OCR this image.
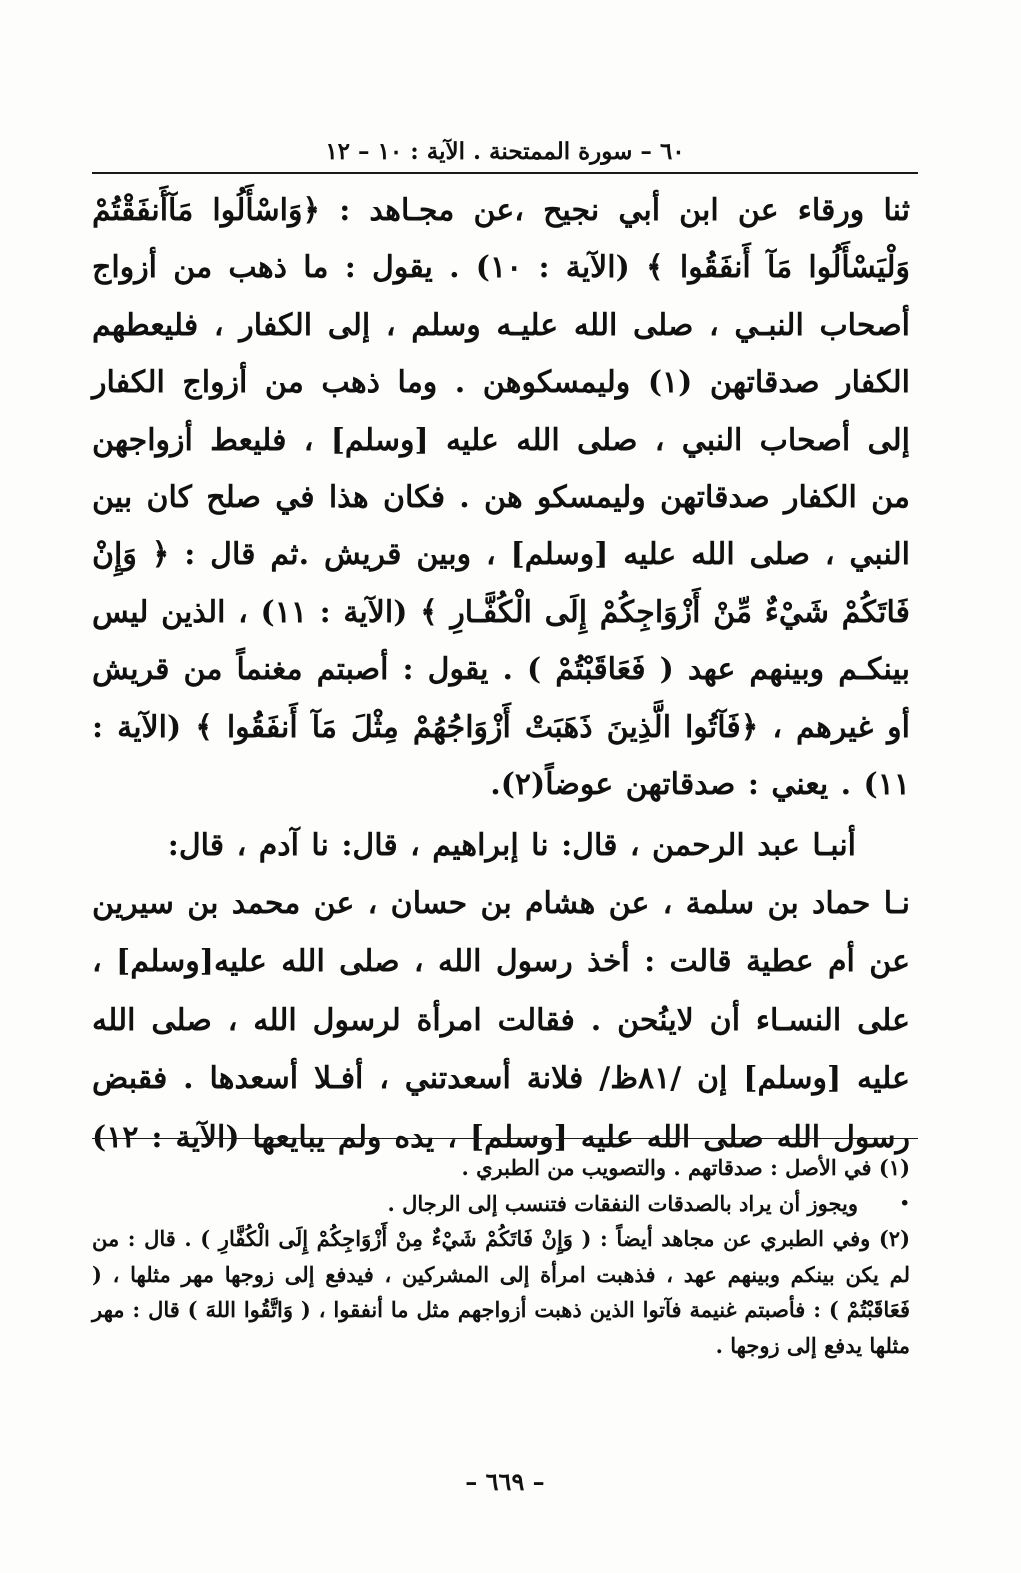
٦٠ – سورة الممتحنة . الآية : ١٠ – ١٢

ثنا ورقاء عن ابن أبي نجيح ،عن مجـاهد : ﴿وَاسْأَلُوا مَآأَنفَقْتُمْ وَلْيَسْأَلُوا مَآ أَنفَقُوا ﴾ (الآية : ١٠) . يقول : ما ذهب من أزواج أصحاب النبـي ، صلى الله عليـه وسلم ، إلى الكفار ، فليعطهم الكفار صدقاتهن (١) وليمسكوهن . وما ذهب من أزواج الكفار إلى أصحاب النبي ، صلى الله عليه [وسلم] ، فليعط أزواجهن من الكفار صدقاتهن وليمسكو هن . فكان هذا في صلح كان بين النبي ، صلى الله عليه [وسلم] ، وبين قريش .ثم قال : ﴿ وَإِنْ فَاتَكُمْ شَيْءٌ مِّنْ أَزْوَاجِكُمْ إِلَى الْكُفَّـارِ ﴾ (الآية : ١١) ، الذين ليس بينكـم وبينهم عهد ( فَعَاقَبْتُمْ ) . يقول : أصبتم مغنماً من قريش أو غيرهم ، ﴿فَآتُوا الَّذِينَ ذَهَبَتْ أَزْوَاجُهُمْ مِثْلَ مَآ أَنفَقُوا ﴾ (الآية : ١١) . يعني : صدقاتهن عوضاً(٢).

أنبـا عبد الرحمن ، قال: نا إبراهيم ، قال: نا آدم ، قال:

نـا حماد بن سلمة ، عن هشام بن حسان ، عن محمد بن سيرين عن أم عطية قالت : أخذ رسول الله ، صلى الله عليه[وسلم] ، على النسـاء أن لاينُحن . فقالت امرأة لرسول الله ، صلى الله عليه [وسلم] إن /٨١ظ/ فلانة أسعدتني ، أفـلا أسعدها . فقبض رسول الله صلى الله عليه [وسلم] ، يده ولم يبايعها (الآية : ١٢) .

(١) في الأصل : صدقاتهم . والتصويب من الطبري .

ويجوز أن يراد بالصدقات النفقات فتنسب إلى الرجال .

(٢) وفي الطبري عن مجاهد أيضاً : ( وَإِنْ فَاتَكُمْ شَيْءٌ مِنْ أَزْوَاجِكُمْ إِلَى الْكُفَّارِ ) . قال : من لم يكن بينكم وبينهم عهد ، فذهبت امرأة إلى المشركين ، فيدفع إلى زوجها مهر مثلها ، ( فَعَاقَبْتُمْ ) : فأصبتم غنيمة فآتوا الذين ذهبت أزواجهم مثل ما أنفقوا ، ( وَاتَّقُوا اللهَ ) قال : مهر مثلها يدفع إلى زوجها .

– ٦٦٩ –
